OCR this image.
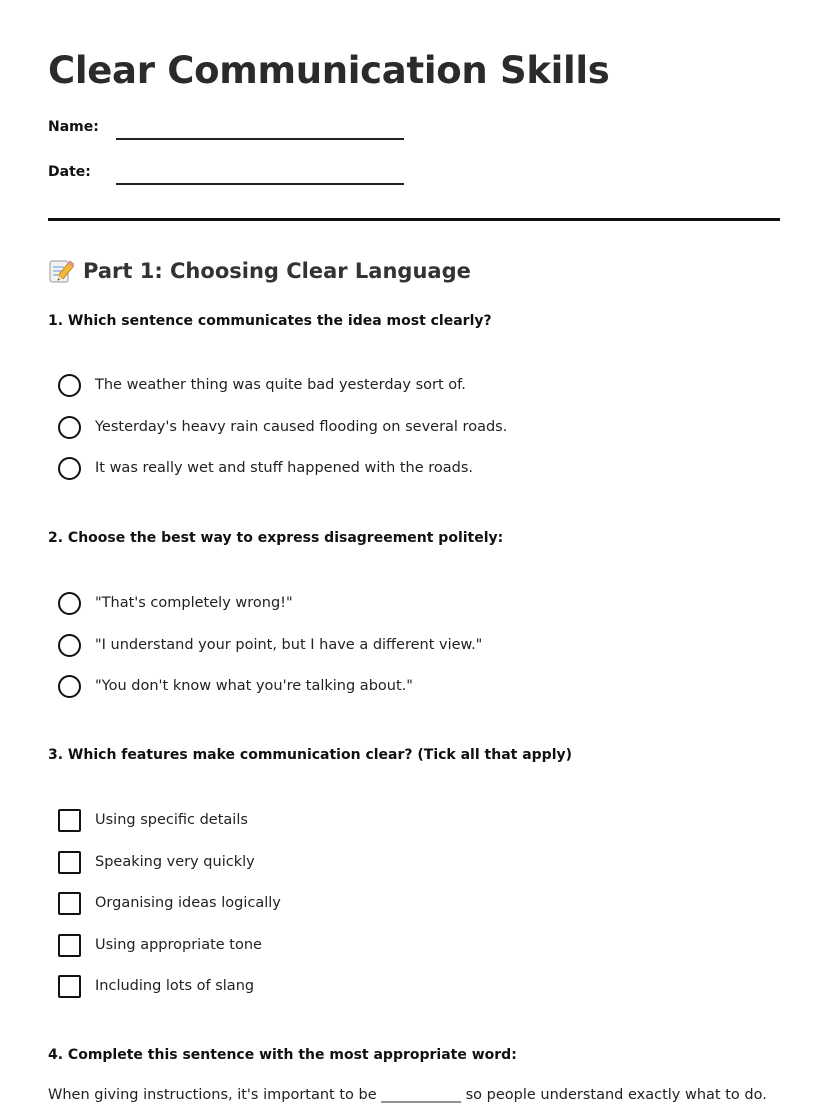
Clear Communication Skills
Name:
Date:
Part 1: Choosing Clear Language

1. Which sentence communicates the idea most clearly?

The weather thing was quite bad yesterday sort of.
Yesterday's heavy rain caused flooding on several roads.
It was really wet and stuff happened with the roads.

2. Choose the best way to express disagreement politely:

"That's completely wrong!"
"I understand your point, but I have a different view."
"You don't know what you're talking about."

3. Which features make communication clear? (Tick all that apply)

Using specific details
Speaking very quickly
Organising ideas logically
Using appropriate tone
Including lots of slang

4. Complete this sentence with the most appropriate word:

When giving instructions, it's important to be ___________ so people understand exactly what to do.
